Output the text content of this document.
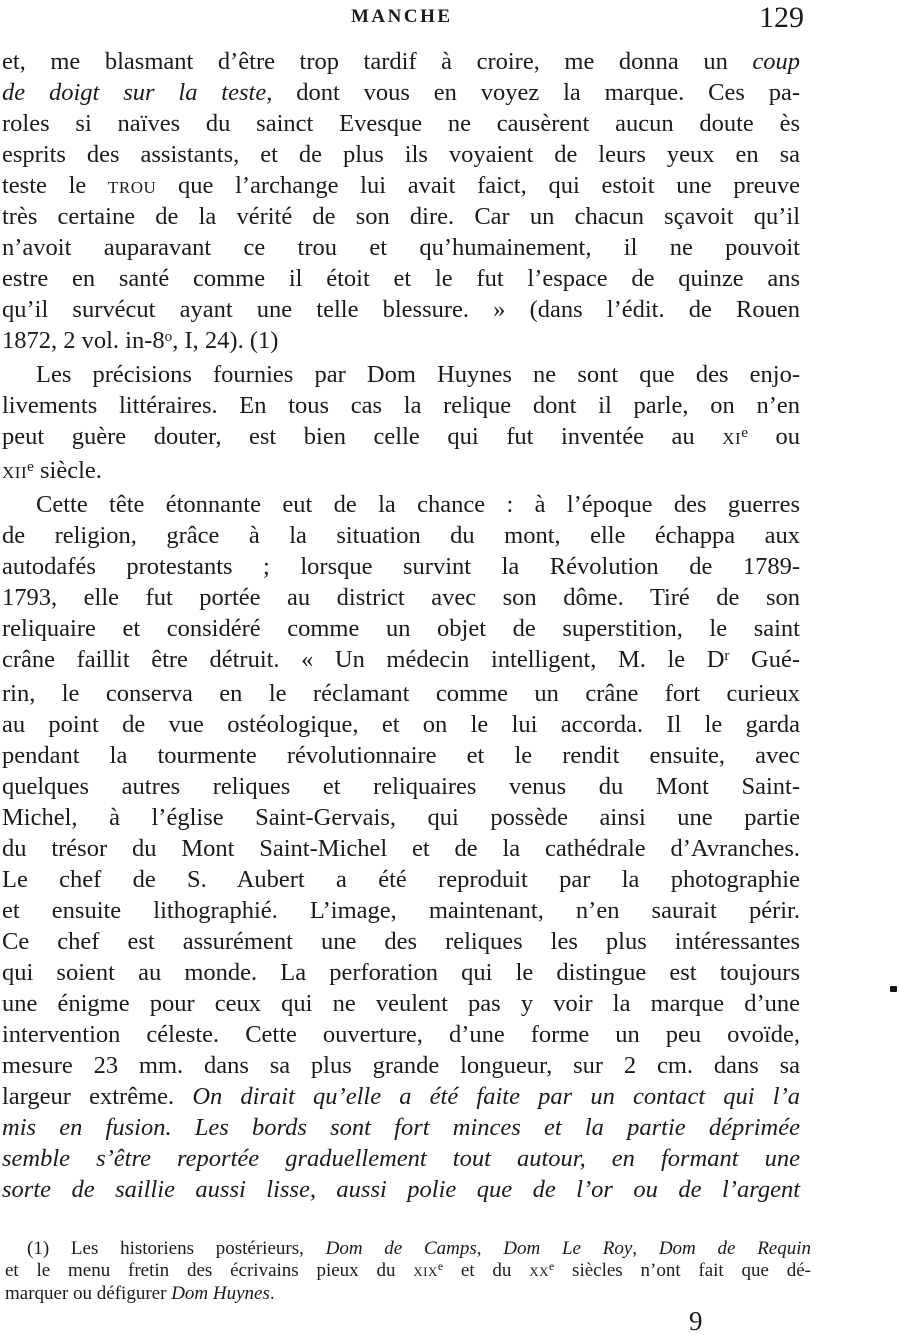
MANCHE	129
et, me blasmant d’être trop tardif à croire, me donna un coup
de doigt sur la teste, dont vous en voyez la marque. Ces pa-
roles si naïves du sainct Evesque ne causèrent aucun doute ès
esprits des assistants, et de plus ils voyaient de leurs yeux en sa
teste le trou que l’archange lui avait faict, qui estoit une preuve
très certaine de la vérité de son dire. Car un chacun sçavoit qu’il
n’avoit auparavant ce trou et qu’humainement, il ne pouvoit
estre en santé comme il étoit et le fut l’espace de quinze ans
qu’il survécut ayant une telle blessure. » (dans l’édit. de Rouen
1872, 2 vol. in-8$^o$, I, 24). (1)
Les précisions fournies par Dom Huynes ne sont que des enjo-
livements littéraires. En tous cas la relique dont il parle, on n’en
peut guère douter, est bien celle qui fut inventée au $xi^e$ ou
xii$^e$ siècle.
Cette tête étonnante eut de la chance : à l’époque des guerres
de religion, grâce à la situation du mont, elle échappa aux
autodafés protestants ; lorsque survint la Révolution de 1789-
1793, elle fut portée au district avec son dôme. Tiré de son
reliquaire et considéré comme un objet de superstition, le saint
crâne faillit être détruit. « Un médecin intelligent, M. le $D^r$ Gué-
rin, le conserva en le réclamant comme un crâne fort curieux
au point de vue ostéologique, et on le lui accorda. Il le garda
pendant la tourmente révolutionnaire et le rendit ensuite, avec
quelques autres reliques et reliquaires venus du Mont Saint-
Michel, à l’église Saint-Gervais, qui possède ainsi une partie
du trésor du Mont Saint-Michel et de la cathédrale d’Avranches.
Le chef de S. Aubert a été reproduit par la photographie
et ensuite lithographié. L’image, maintenant, n’en saurait périr.
Ce chef est assurément une des reliques les plus intéressantes
qui soient au monde. La perforation qui le distingue est toujours
une énigme pour ceux qui ne veulent pas y voir la marque d’une
intervention céleste. Cette ouverture, d’une forme un peu ovoïde,
mesure 23 mm. dans sa plus grande longueur, sur 2 cm. dans sa
largeur extrême. On dirait qu’elle a été faite par un contact qui l’a
mis en fusion. Les bords sont fort minces et la partie déprimée
semble s’être reportée graduellement tout autour, en formant une
sorte de saillie aussi lisse, aussi polie que de l’or ou de l’argent
(1) Les historiens postérieurs, Dom de Camps, Dom Le Roy, Dom de Requin
et le menu fretin des écrivains pieux du xix$^e$ et du $xx^e$ siècles n’ont fait que dé-
marquer ou défigurer Dom Huynes.
9
